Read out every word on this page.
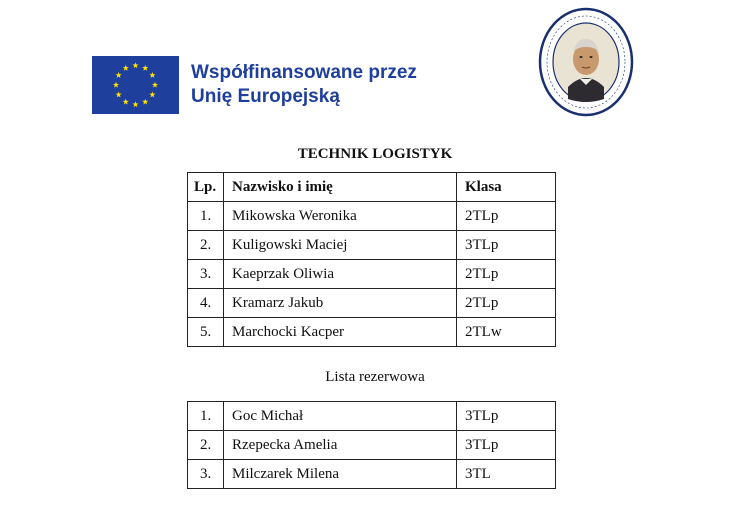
Współfinansowane przez
Unię Europejską
TECHNIK LOGISTYK
Lp.	Nazwisko i imię	Klasa
1.	Mikowska Weronika	2TLp
2.	Kuligowski Maciej	3TLp
3.	Kaeprzak Oliwia	2TLp
4.	Kramarz Jakub	2TLp
5.	Marchocki Kacper	2TLw
Lista rezerwowa
1.	Goc Michał	3TLp
2.	Rzepecka Amelia	3TLp
3.	Milczarek Milena	3TL
